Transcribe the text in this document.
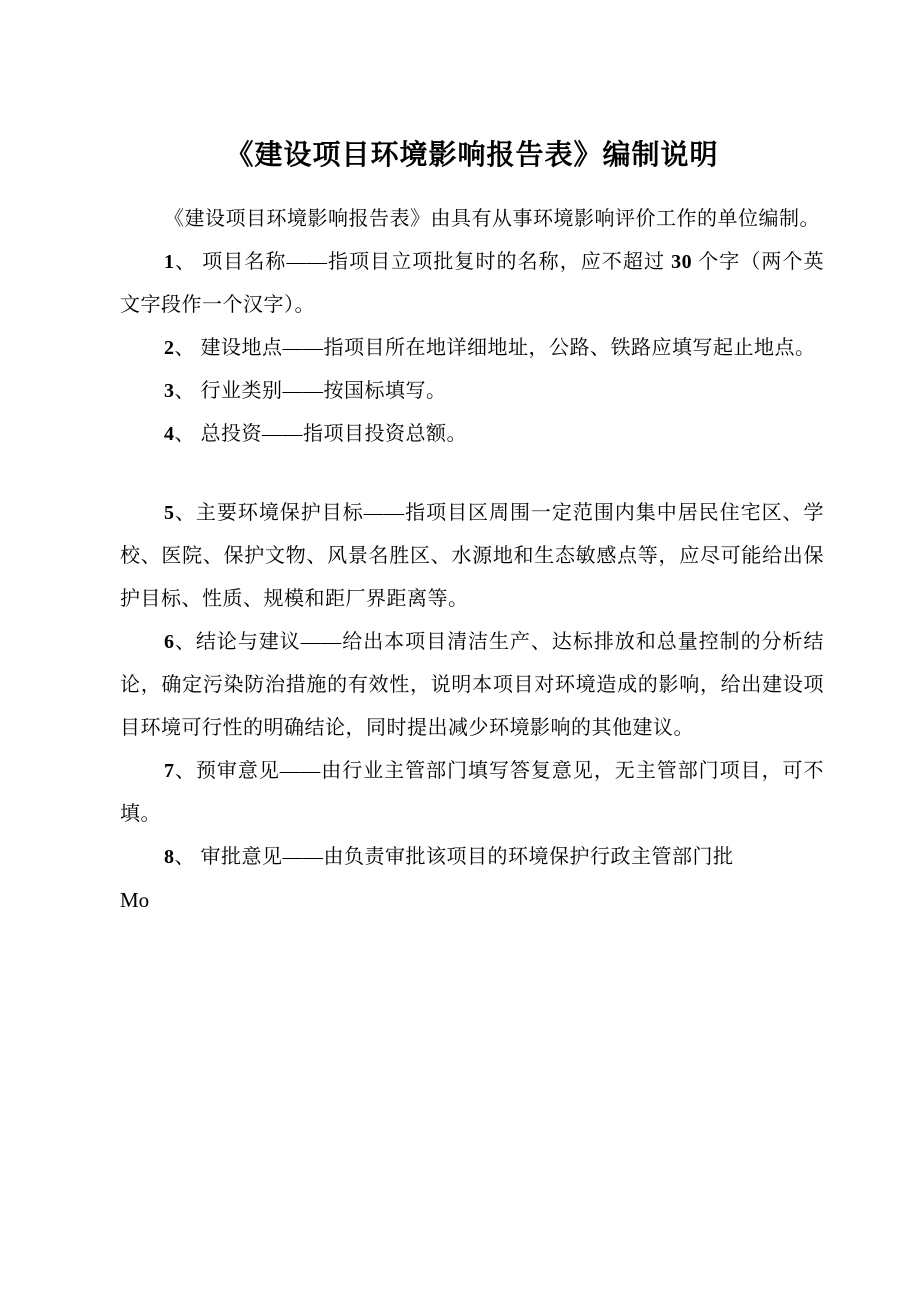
《建设项目环境影响报告表》编制说明

《建设项目环境影响报告表》由具有从事环境影响评价工作的单位编制。

1、 项目名称——指项目立项批复时的名称，应不超过 30 个字（两个英文字段作一个汉字）。

2、 建设地点——指项目所在地详细地址，公路、铁路应填写起止地点。

3、 行业类别——按国标填写。

4、 总投资——指项目投资总额。

5、主要环境保护目标——指项目区周围一定范围内集中居民住宅区、学校、医院、保护文物、风景名胜区、水源地和生态敏感点等，应尽可能给出保护目标、性质、规模和距厂界距离等。

6、结论与建议——给出本项目清洁生产、达标排放和总量控制的分析结论，确定污染防治措施的有效性，说明本项目对环境造成的影响，给出建设项目环境可行性的明确结论，同时提出减少环境影响的其他建议。

7、预审意见——由行业主管部门填写答复意见，无主管部门项目，可不填。

8、 审批意见——由负责审批该项目的环境保护行政主管部门批

Mo
